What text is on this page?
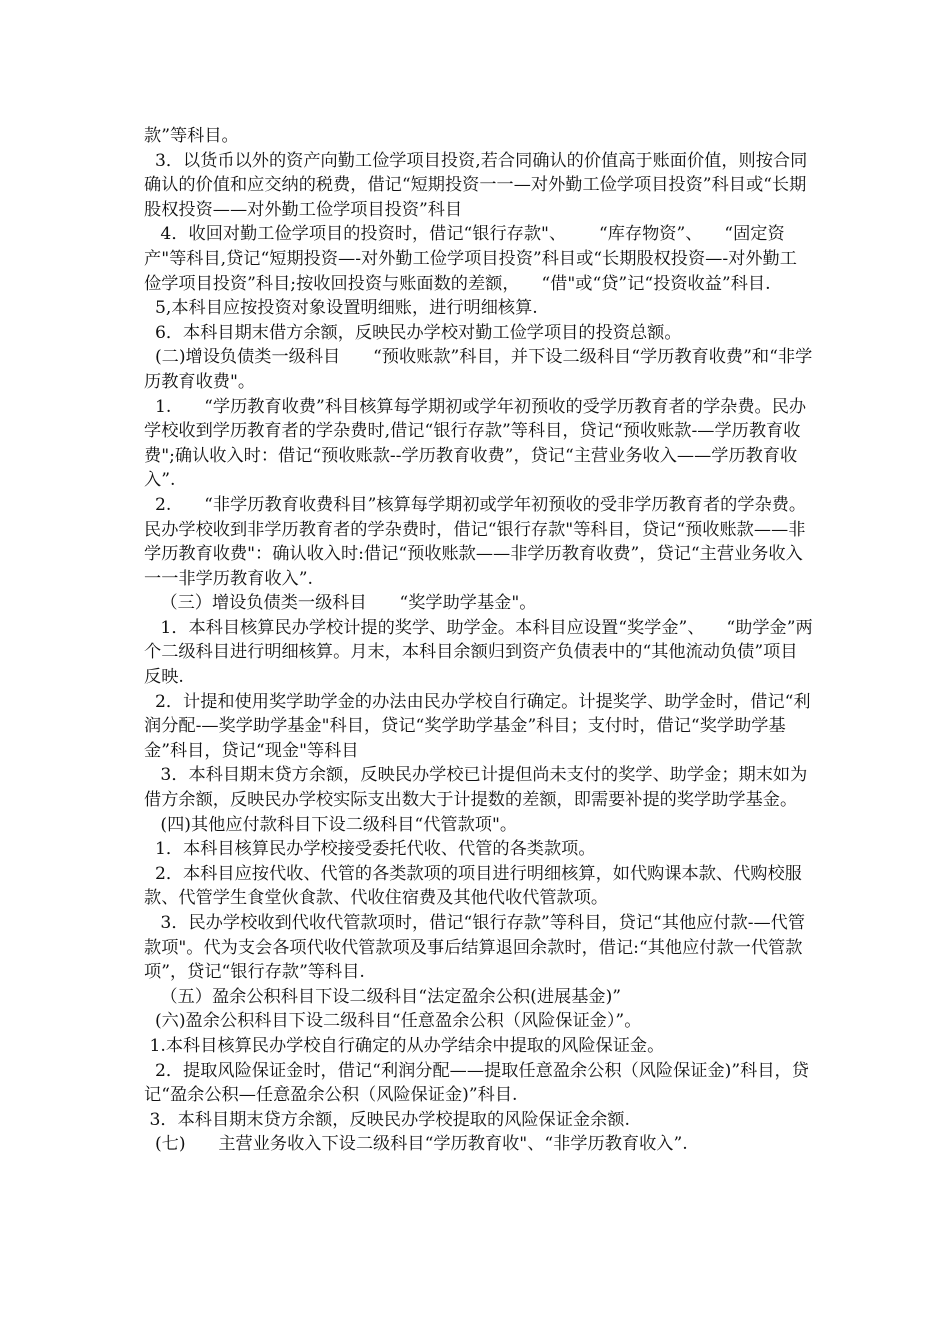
款”等科目。

3．以货币以外的资产向勤工俭学项目投资,若合同确认的价值高于账面价值，则按合同确认的价值和应交纳的税费，借记“短期投资一一—对外勤工俭学项目投资”科目或“长期股权投资——对外勤工俭学项目投资”科目

4．收回对勤工俭学项目的投资时，借记“银行存款"、      “库存物资”、    “固定资产"等科目,贷记“短期投资—-对外勤工俭学项目投资”科目或“长期股权投资—-对外勤工俭学项目投资”科目;按收回投资与账面数的差额，    “借"或“贷”记“投资收益”科目.

5,本科目应按投资对象设置明细账，进行明细核算.

6．本科目期末借方余额，反映民办学校对勤工俭学项目的投资总额。

(二)增设负债类一级科目      “预收账款”科目，并下设二级科目“学历教育收费”和“非学历教育收费"。

1.      “学历教育收费”科目核算每学期初或学年初预收的受学历教育者的学杂费。民办学校收到学历教育者的学杂费时,借记“银行存款”等科目，贷记“预收账款-—学历教育收费";确认收入时：借记“预收账款--学历教育收费”，贷记“主营业务收入——学历教育收入”.

2.      “非学历教育收费科目”核算每学期初或学年初预收的受非学历教育者的学杂费。      民办学校收到非学历教育者的学杂费时，借记“银行存款"等科目，贷记“预收账款——非学历教育收费"：确认收入时:借记“预收账款——非学历教育收费”，贷记“主营业务收入一一非学历教育收入”.

（三）增设负债类一级科目      “奖学助学基金"。

1．本科目核算民办学校计提的奖学、助学金。本科目应设置“奖学金”、    “助学金”两个二级科目进行明细核算。月末，本科目余额归到资产负债表中的“其他流动负债”项目反映.

2．计提和使用奖学助学金的办法由民办学校自行确定。计提奖学、助学金时，借记“利润分配-—奖学助学基金"科目，贷记“奖学助学基金”科目；支付时，借记“奖学助学基金”科目，贷记“现金"等科目

3．本科目期末贷方余额，反映民办学校已计提但尚未支付的奖学、助学金；期末如为借方余额，反映民办学校实际支出数大于计提数的差额，即需要补提的奖学助学基金。

(四)其他应付款科目下设二级科目“代管款项"。

1．本科目核算民办学校接受委托代收、代管的各类款项。

2．本科目应按代收、代管的各类款项的项目进行明细核算，如代购课本款、代购校服款、代管学生食堂伙食款、代收住宿费及其他代收代管款项。

3．民办学校收到代收代管款项时，借记“银行存款”等科目，贷记“其他应付款-—代管款项"。代为支会各项代收代管款项及事后结算退回余款时，借记:“其他应付款一代管款项”，贷记“银行存款”等科目.

（五）盈余公积科目下设二级科目“法定盈余公积(进展基金)”

(六)盈余公积科目下设二级科目“任意盈余公积（风险保证金）”。

1.本科目核算民办学校自行确定的从办学结余中提取的风险保证金。

2．提取风险保证金时，借记“利润分配——提取任意盈余公积（风险保证金)”科目，贷记“盈余公积—任意盈余公积（风险保证金)”科目.

3．本科目期末贷方余额，反映民办学校提取的风险保证金余额.

(七)      主营业务收入下设二级科目“学历教育收"、“非学历教育收入”.
